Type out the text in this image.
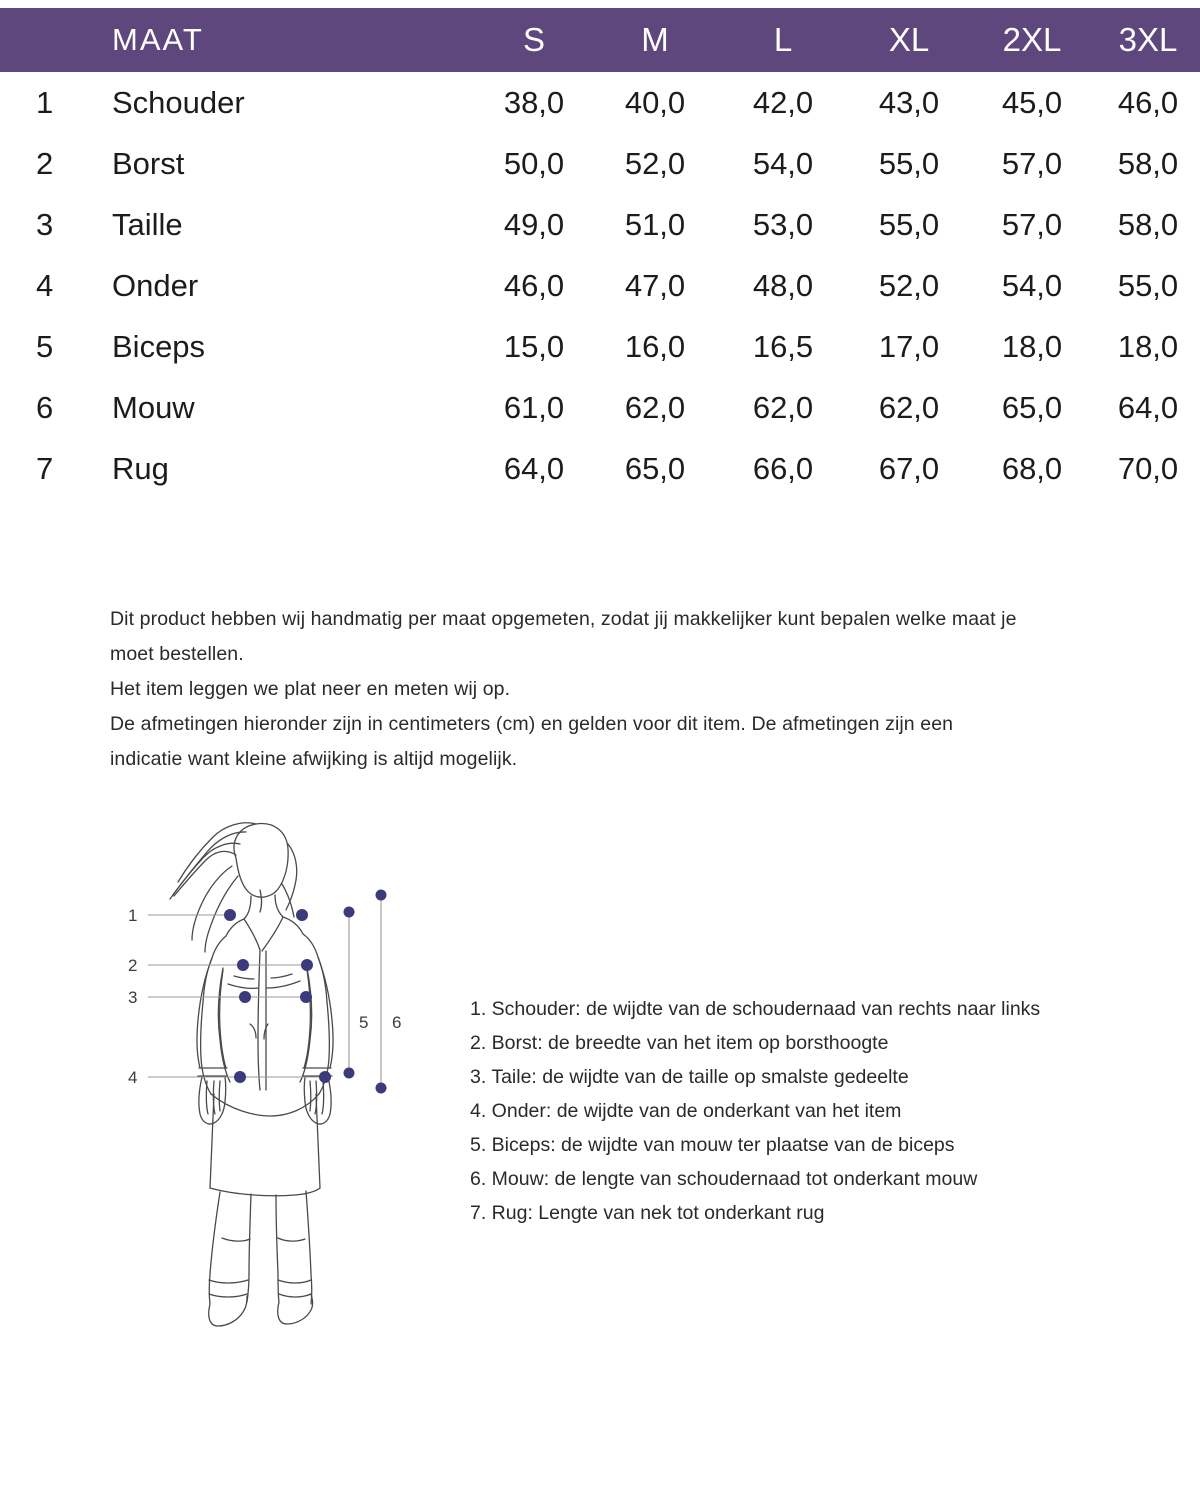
MAAT	S	M	L	XL	2XL	3XL
1 Schouder	38,0	40,0	42,0	43,0	45,0	46,0
2 Borst	50,0	52,0	54,0	55,0	57,0	58,0
3 Taille	49,0	51,0	53,0	55,0	57,0	58,0
4 Onder	46,0	47,0	48,0	52,0	54,0	55,0
5 Biceps	15,0	16,0	16,5	17,0	18,0	18,0
6 Mouw	61,0	62,0	62,0	62,0	65,0	64,0
7 Rug	64,0	65,0	66,0	67,0	68,0	70,0
Dit product hebben wij handmatig per maat opgemeten, zodat jij makkelijker kunt bepalen welke maat je
moet bestellen.
Het item leggen we plat neer en meten wij op.
De afmetingen hieronder zijn in centimeters (cm) en gelden voor dit item. De afmetingen zijn een
indicatie want kleine afwijking is altijd mogelijk.
1
2
3
4
5 6
1. Schouder: de wijdte van de schoudernaad van rechts naar links
2. Borst: de breedte van het item op borsthoogte
3. Taile: de wijdte van de taille op smalste gedeelte
4. Onder: de wijdte van de onderkant van het item
5. Biceps: de wijdte van mouw ter plaatse van de biceps
6. Mouw: de lengte van schoudernaad tot onderkant mouw
7. Rug: Lengte van nek tot onderkant rug
